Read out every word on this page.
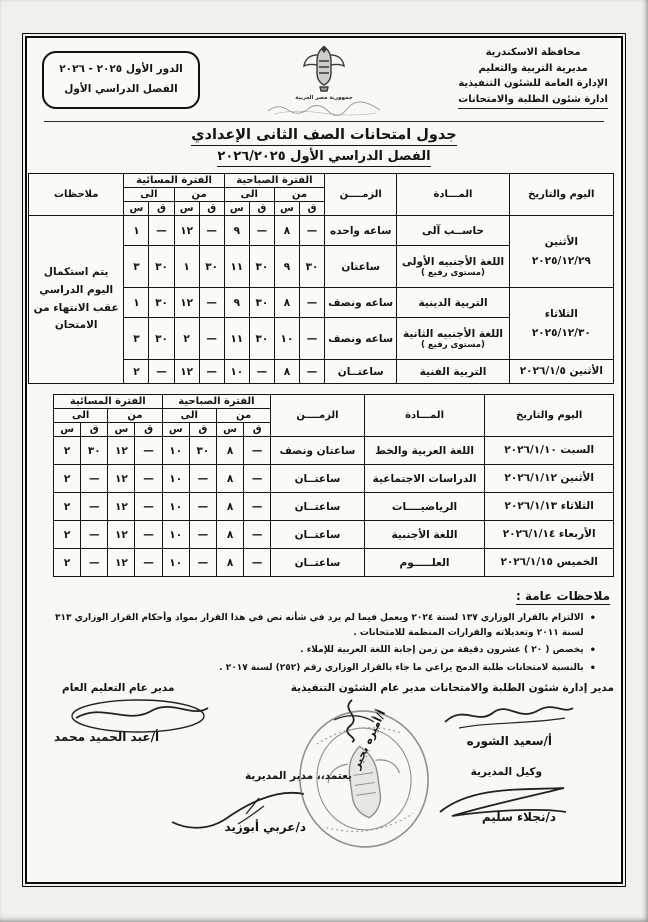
محافظة الاسكندرية
مديرية التربية والتعليم
الإدارة العامة للشئون التنفيذية
ادارة شئون الطلبة والامتحانات
جمهورية مصر العربية
الدور الأول ٢٠٢٥ - ٢٠٢٦
الفصل الدراسي الأول
جدول امتحانات الصف الثانى الإعدادي
الفصل الدراسي الأول ٢٠٢٦/٢٠٢٥
اليوم والتاريخ	المـــادة	الزمــــن	الفترة الصباحية				الفترة المسائية				ملاحظات
			من		الى		من		الى		
			ق	س	ق	س	ق	س	ق	س	

الأثنين
٢٠٢٥/١٢/٢٩	حاســب آلى	ساعه واحده	—	٨	—	٩	—	١٢	—	١	يتم استكمال اليوم الدراسي عقب الانتهاء من الامتحان

	اللغة الأجنبيه الأولى
(مستوى رفيع )	ساعتان	٣٠	٩	٣٠	١١	٣٠	١	٣٠	٣	

الثلاثاء
٢٠٢٥/١٢/٣٠	التربية الدينية	ساعه ونصف	—	٨	٣٠	٩	—	١٢	٣٠	١	

	اللغة الأجنبيه الثانية
(مستوى رفيع )	ساعه ونصف	—	١٠	٣٠	١١	—	٢	٣٠	٣	
الأثنين ٢٠٢٦/١/٥	التربية الفنية	ساعتــان	—	٨	—	١٠	—	١٢	—	٢	
اليوم والتاريخ	المـــادة	الزمــــن	الفترة الصباحية				الفترة المسائية			
			من		الى		من		الى	
			ق	س	ق	س	ق	س	ق	س
السبت ٢٠٢٦/١/١٠	اللغة العربية والخط	ساعتان ونصف	—	٨	٣٠	١٠	—	١٢	٣٠	٢
الأثنين ٢٠٢٦/١/١٢	الدراسات الاجتماعية	ساعتــان	—	٨	—	١٠	—	١٢	—	٢
الثلاثاء ٢٠٢٦/١/١٣	الرياضيــــات	ساعتــان	—	٨	—	١٠	—	١٢	—	٢
الأربعاء ٢٠٢٦/١/١٤	اللغة الأجنبية	ساعتــان	—	٨	—	١٠	—	١٢	—	٢
الخميس ٢٠٢٦/١/١٥	العلـــــوم	ساعتــان	—	٨	—	١٠	—	١٢	—	٢
ملاحظات عامة :
•
الالتزام بالقرار الوزاري ١٣٧ لسنة ٢٠٢٤ ويعمل فيما لم يرد في شأنه نص في هذا القرار بمواد وأحكام القرار الوزاري ٣١٣ لسنة ٢٠١١ وتعديلاته والقرارات المنظمة للامتحانات .
•
يخصص ( ٢٠ ) عشرون دقيقة من زمن إجابة اللغة العربية للإملاء .
•
بالنسبة لامتحانات طلبة الدمج يراعي ما جاء بالقرار الوزاري رقم (٢٥٢) لسنة ٢٠١٧ .
مدير إدارة شئون الطلبة والامتحانات
مدير عام الشئون التنفيذية
مدير عام التعليم العام
أ/سعيد الشوره
أ/أميره بجير
أ/عبد الحميد محمد
وكيل المديرية
د/نجلاء سليم
يعتمد،، مدير المديرية
د/عربي أبوزيد
